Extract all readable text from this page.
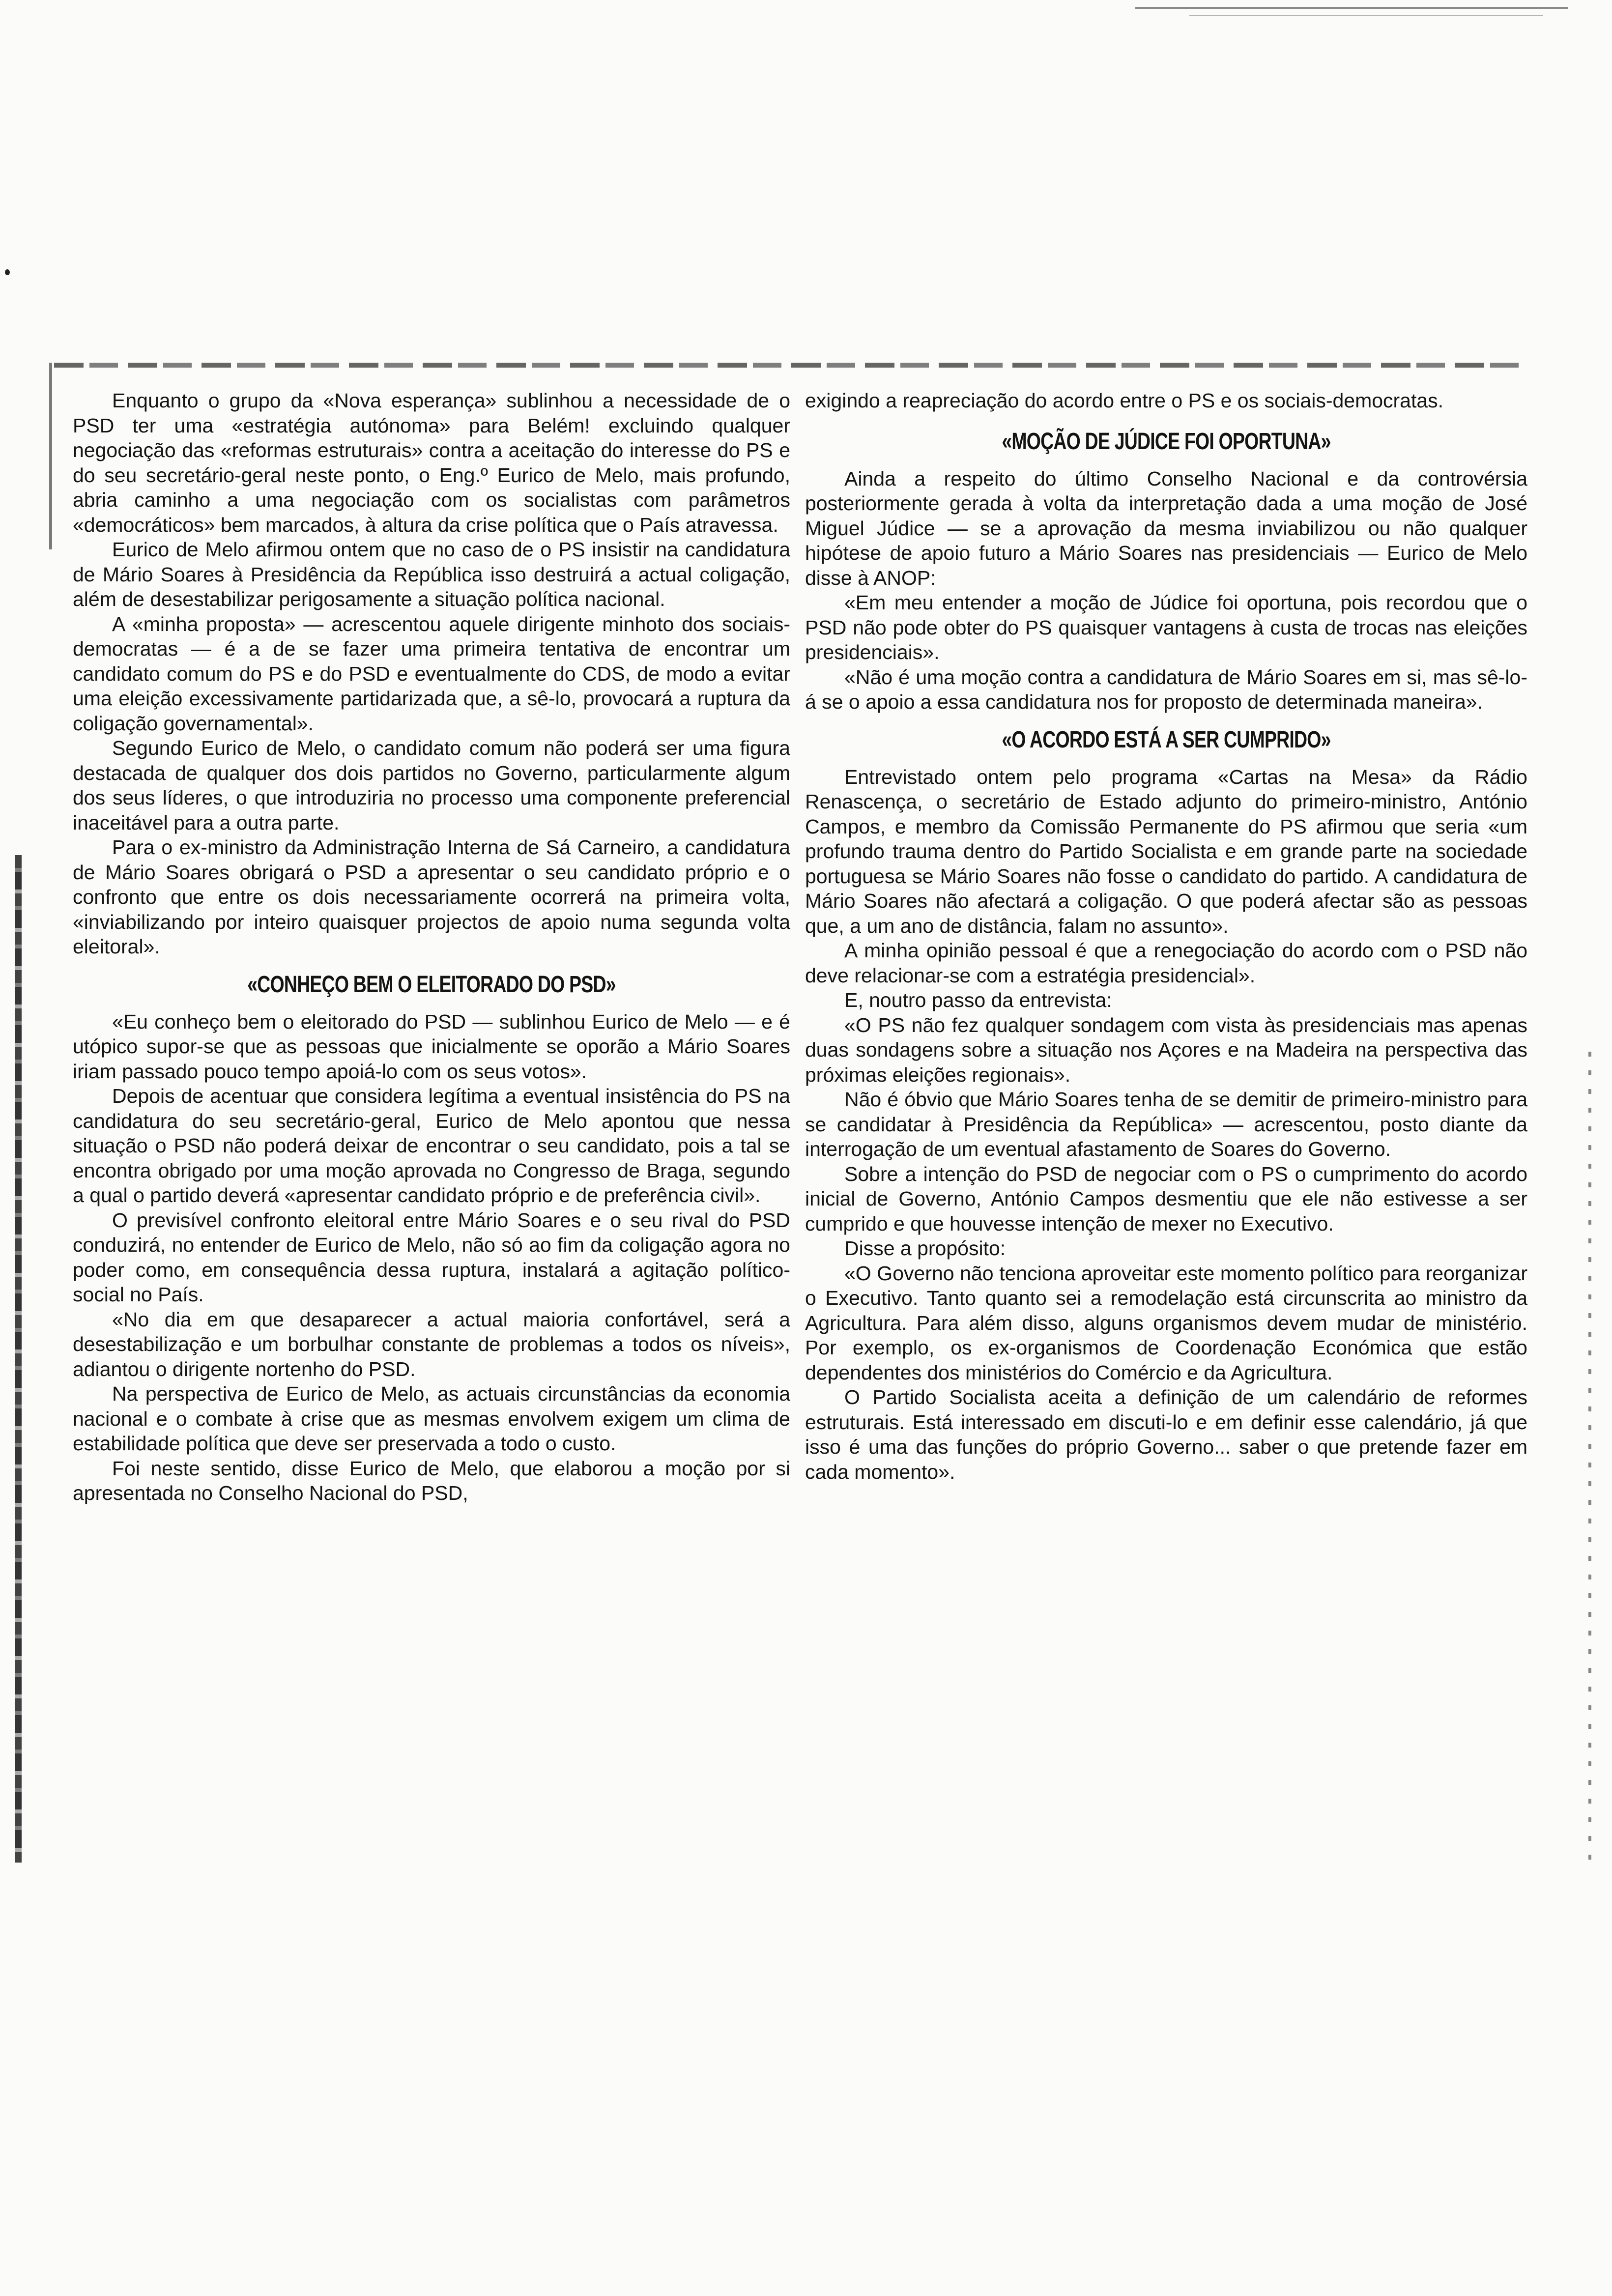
Enquanto o grupo da «Nova esperança» sublinhou a necessidade de o PSD ter uma «estratégia autónoma» para Belém! excluindo qualquer negociação das «reformas estruturais» contra a aceitação do interesse do PS e do seu secretário-geral neste ponto, o Eng.º Eurico de Melo, mais profundo, abria caminho a uma negociação com os socialistas com parâmetros «democráticos» bem marcados, à altura da crise política que o País atravessa.

Eurico de Melo afirmou ontem que no caso de o PS insistir na candidatura de Mário Soares à Presidência da República isso destruirá a actual coligação, além de desestabilizar perigosamente a situação política nacional.

A «minha proposta» — acrescentou aquele dirigente minhoto dos sociais-democratas — é a de se fazer uma primeira tentativa de encontrar um candidato comum do PS e do PSD e eventualmente do CDS, de modo a evitar uma eleição excessivamente partidarizada que, a sê-lo, provocará a ruptura da coligação governamental».

Segundo Eurico de Melo, o candidato comum não poderá ser uma figura destacada de qualquer dos dois partidos no Governo, particularmente algum dos seus líderes, o que introduziria no processo uma componente preferencial inaceitável para a outra parte.

Para o ex-ministro da Administração Interna de Sá Carneiro, a candidatura de Mário Soares obrigará o PSD a apresentar o seu candidato próprio e o confronto que entre os dois necessariamente ocorrerá na primeira volta, «inviabilizando por inteiro quaisquer projectos de apoio numa segunda volta eleitoral».

«CONHEÇO BEM O ELEITORADO DO PSD»

«Eu conheço bem o eleitorado do PSD — sublinhou Eurico de Melo — e é utópico supor-se que as pessoas que inicialmente se oporão a Mário Soares iriam passado pouco tempo apoiá-lo com os seus votos».

Depois de acentuar que considera legítima a eventual insistência do PS na candidatura do seu secretário-geral, Eurico de Melo apontou que nessa situação o PSD não poderá deixar de encontrar o seu candidato, pois a tal se encontra obrigado por uma moção aprovada no Congresso de Braga, segundo a qual o partido deverá «apresentar candidato próprio e de preferência civil».

O previsível confronto eleitoral entre Mário Soares e o seu rival do PSD conduzirá, no entender de Eurico de Melo, não só ao fim da coligação agora no poder como, em consequência dessa ruptura, instalará a agitação político-social no País.

«No dia em que desaparecer a actual maioria confortável, será a desestabilização e um borbulhar constante de problemas a todos os níveis», adiantou o dirigente nortenho do PSD.

Na perspectiva de Eurico de Melo, as actuais circunstâncias da economia nacional e o combate à crise que as mesmas envolvem exigem um clima de estabilidade política que deve ser preservada a todo o custo.

Foi neste sentido, disse Eurico de Melo, que elaborou a moção por si apresentada no Conselho Nacional do PSD,

exigindo a reapreciação do acordo entre o PS e os sociais-democratas.

«MOÇÃO DE JÚDICE FOI OPORTUNA»

Ainda a respeito do último Conselho Nacional e da controvérsia posteriormente gerada à volta da interpretação dada a uma moção de José Miguel Júdice — se a aprovação da mesma inviabilizou ou não qualquer hipótese de apoio futuro a Mário Soares nas presidenciais — Eurico de Melo disse à ANOP:

«Em meu entender a moção de Júdice foi oportuna, pois recordou que o PSD não pode obter do PS quaisquer vantagens à custa de trocas nas eleições presidenciais».

«Não é uma moção contra a candidatura de Mário Soares em si, mas sê-lo-á se o apoio a essa candidatura nos for proposto de determinada maneira».

«O ACORDO ESTÁ A SER CUMPRIDO»

Entrevistado ontem pelo programa «Cartas na Mesa» da Rádio Renascença, o secretário de Estado adjunto do primeiro-ministro, António Campos, e membro da Comissão Permanente do PS afirmou que seria «um profundo trauma dentro do Partido Socialista e em grande parte na sociedade portuguesa se Mário Soares não fosse o candidato do partido. A candidatura de Mário Soares não afectará a coligação. O que poderá afectar são as pessoas que, a um ano de distância, falam no assunto».

A minha opinião pessoal é que a renegociação do acordo com o PSD não deve relacionar-se com a estratégia presidencial».

E, noutro passo da entrevista:

«O PS não fez qualquer sondagem com vista às presidenciais mas apenas duas sondagens sobre a situação nos Açores e na Madeira na perspectiva das próximas eleições regionais».

Não é óbvio que Mário Soares tenha de se demitir de primeiro-ministro para se candidatar à Presidência da República» — acrescentou, posto diante da interrogação de um eventual afastamento de Soares do Governo.

Sobre a intenção do PSD de negociar com o PS o cumprimento do acordo inicial de Governo, António Campos desmentiu que ele não estivesse a ser cumprido e que houvesse intenção de mexer no Executivo.

Disse a propósito:

«O Governo não tenciona aproveitar este momento político para reorganizar o Executivo. Tanto quanto sei a remodelação está circunscrita ao ministro da Agricultura. Para além disso, alguns organismos devem mudar de ministério. Por exemplo, os ex-organismos de Coordenação Económica que estão dependentes dos ministérios do Comércio e da Agricultura.

O Partido Socialista aceita a definição de um calendário de reformes estruturais. Está interessado em discuti-lo e em definir esse calendário, já que isso é uma das funções do próprio Governo... saber o que pretende fazer em cada momento».
